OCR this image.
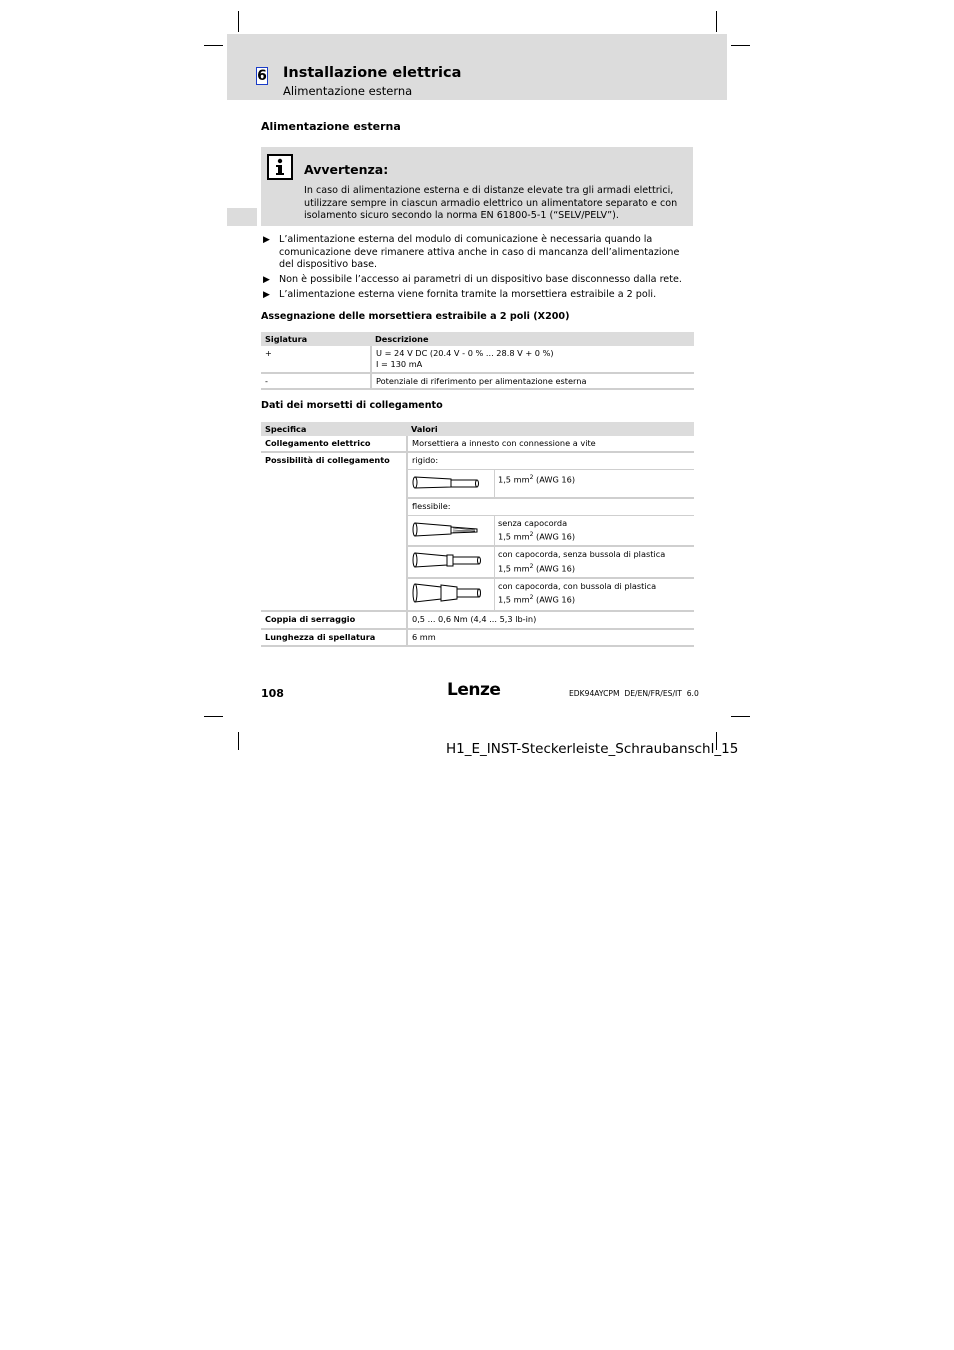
6 Installazione elettrica
Alimentazione esterna
Alimentazione esterna
Avvertenza:
In caso di alimentazione esterna e di distanze elevate tra gli armadi elettrici, utilizzare sempre in ciascun armadio elettrico un alimentatore separato e con isolamento sicuro secondo la norma EN 61800-5-1 (“SELV/PELV”).
▶ L’alimentazione esterna del modulo di comunicazione è necessaria quando la comunicazione deve rimanere attiva anche in caso di mancanza dell’alimentazione del dispositivo base.
▶ Non è possibile l’accesso ai parametri di un dispositivo base disconnesso dalla rete.
▶ L’alimentazione esterna viene fornita tramite la morsettiera estraibile a 2 poli.
Assegnazione delle morsettiera estraibile a 2 poli (X200)
Siglatura	Descrizione
+	U = 24 V DC (20.4 V - 0 % ... 28.8 V + 0 %)
I = 130 mA

-	Potenziale di riferimento per alimentazione esterna
Dati dei morsetti di collegamento
Specifica	Valori
Collegamento elettrico	Morsettiera a innesto con connessione a vite
Possibilità di collegamento	rigido:
	1,5 $mm^2$ (AWG 16)
flessibile:

senza capocorda
1,5 $mm^2$ (AWG 16)

con capocorda, senza bussola di plastica
1,5 $mm^2$ (AWG 16)

con capocorda, con bussola di plastica
1,5 $mm^2$ (AWG 16)

Coppia di serraggio	0,5 ... 0,6 Nm (4,4 ... 5,3 lb-in)
Lunghezza di spellatura	6 mm
108	Lenze	EDK94AYCPM  DE/EN/FR/ES/IT  6.0
H1_E_INST-Steckerleiste_Schraubanschl_15
